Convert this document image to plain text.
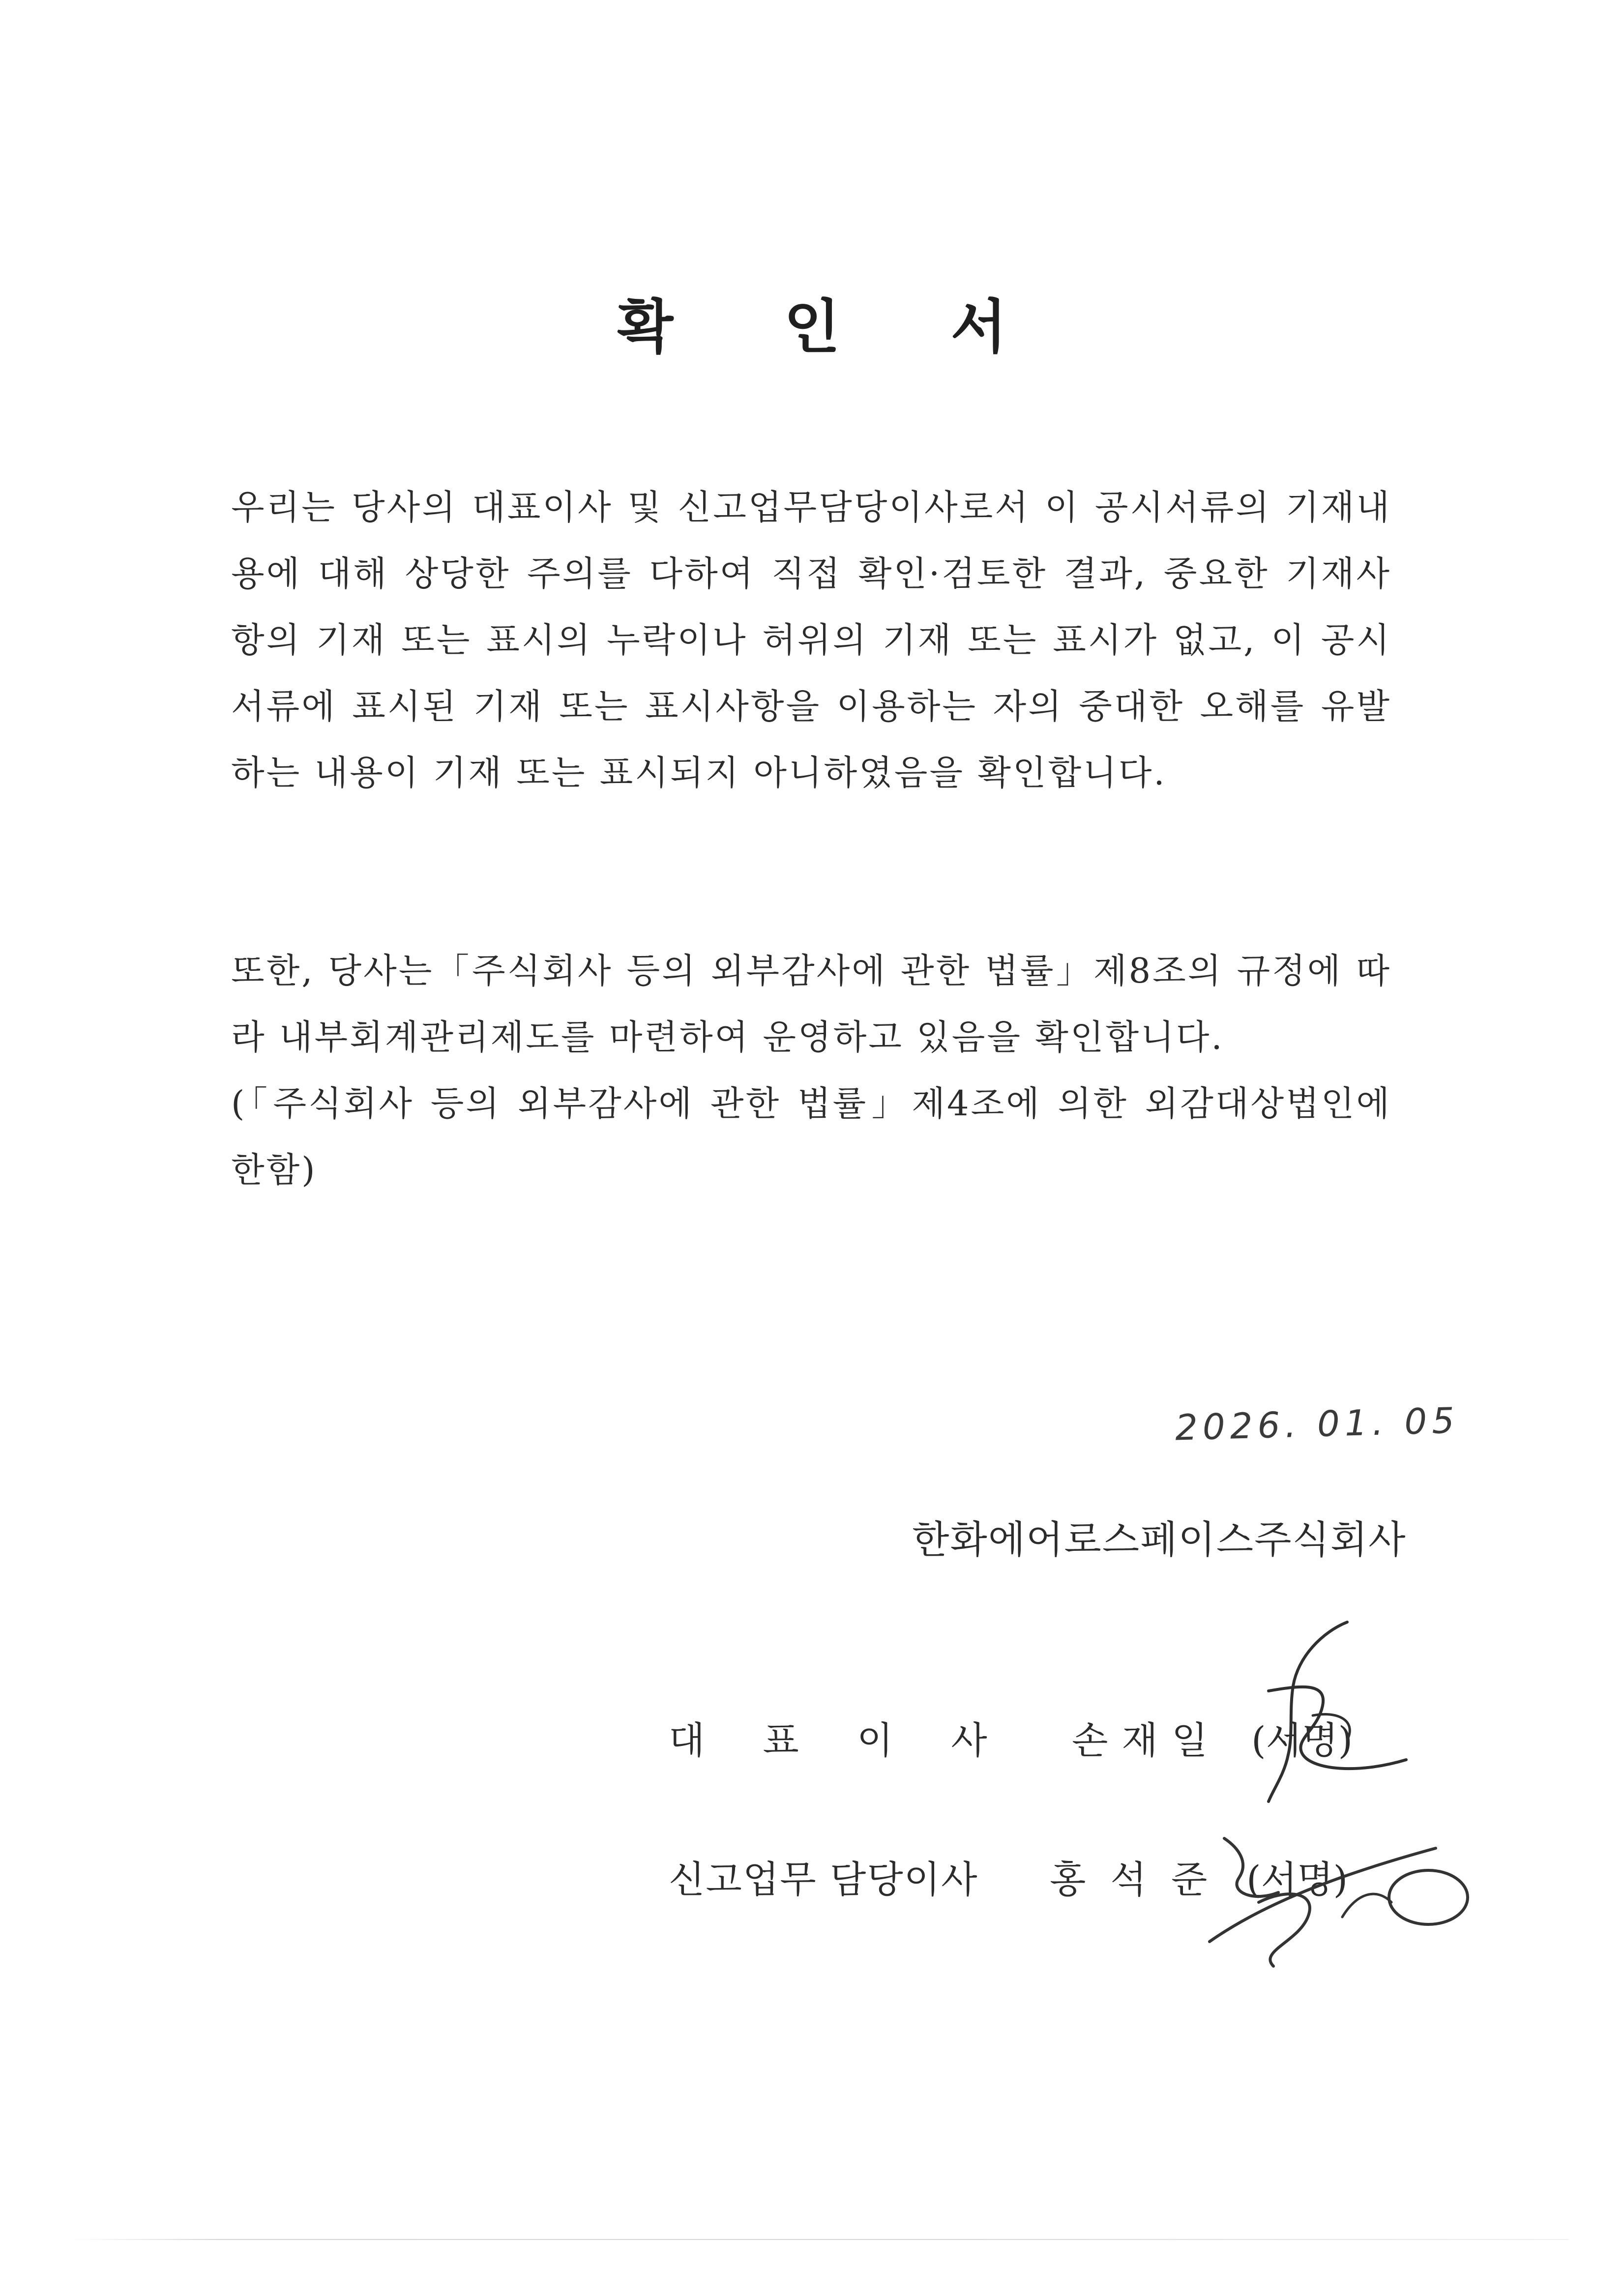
확 인 서
우리는 당사의 대표이사 및 신고업무담당이사로서 이 공시서류의 기재내용에 대해 상당한 주의를 다하여 직접 확인·검토한 결과, 중요한 기재사항의 기재 또는 표시의 누락이나 허위의 기재 또는 표시가 없고, 이 공시서류에 표시된 기재 또는 표시사항을 이용하는 자의 중대한 오해를 유발하는 내용이 기재 또는 표시되지 아니하였음을 확인합니다.
또한, 당사는「주식회사 등의 외부감사에 관한 법률」제8조의 규정에 따라 내부회계관리제도를 마련하여 운영하고 있음을 확인합니다.
(「주식회사 등의 외부감사에 관한 법률」제4조에 의한 외감대상법인에 한함)
2026. 01. 05
한화에어로스페이스주식회사
대표이사 손재일 (서명)
신고업무 담당이사 홍석준 (서명)
